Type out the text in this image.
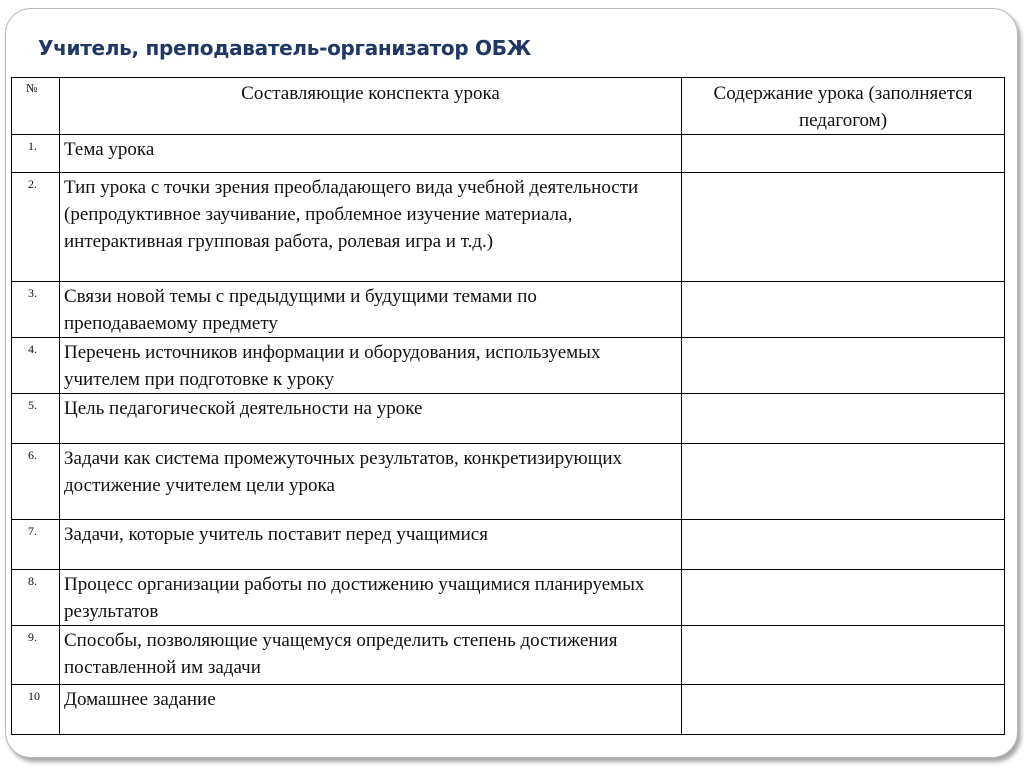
Учитель, преподаватель-организатор ОБЖ
№	Составляющие конспекта урока	Содержание урока (заполняется педагогом)
1.	Тема урока	
2.	Тип урока с точки зрения преобладающего вида учебной деятельности (репродуктивное заучивание, проблемное изучение материала, интерактивная групповая работа, ролевая игра и т.д.)	
3.	Связи новой темы с предыдущими и будущими темами по преподаваемому предмету	
4.	Перечень источников информации и оборудования, используемых учителем при подготовке к уроку	
5.	Цель педагогической деятельности на уроке	
6.	Задачи как система промежуточных результатов, конкретизирующих достижение учителем цели урока	
7.	Задачи, которые учитель поставит перед учащимися	
8.	Процесс организации работы по достижению учащимися планируемых результатов	
9.	Способы, позволяющие учащемуся определить степень достижения поставленной им задачи	
10	Домашнее задание	
